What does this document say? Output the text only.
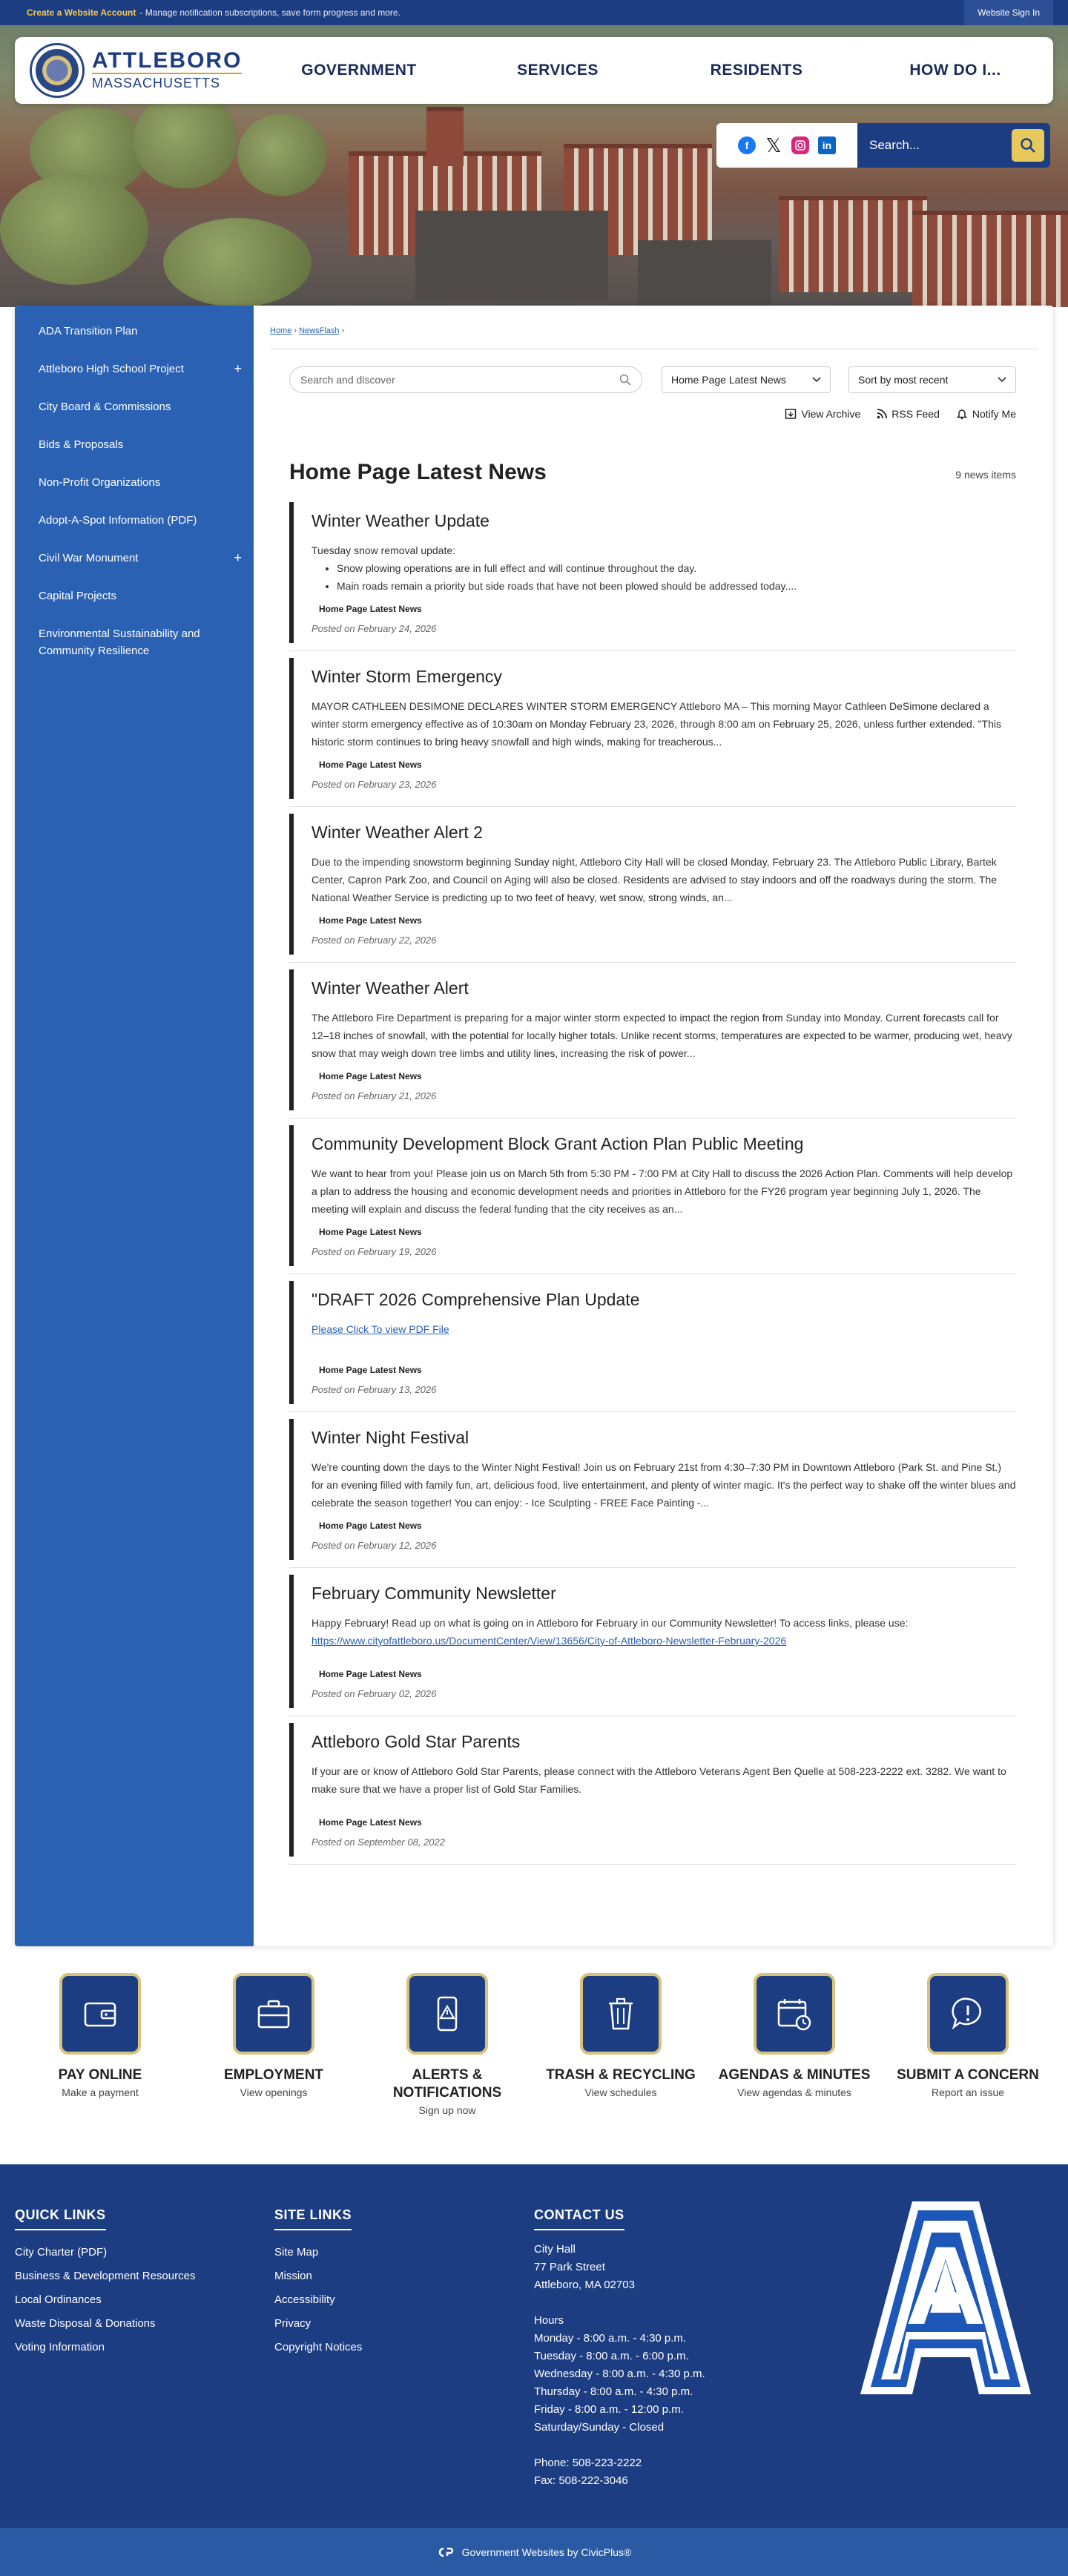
Create a Website Account - Manage notification subscriptions, save form progress and more.	Website Sign In
ATTLEBORO
MASSACHUSETTS
GOVERNMENT	SERVICES	RESIDENTS	HOW DO I...
f 𝕏	in	Search...
ADA Transition Plan
Attleboro High School Project	+
City Board & Commissions
Bids & Proposals
Non-Profit Organizations
Adopt-A-Spot Information (PDF)
Civil War Monument	+
Capital Projects
Environmental Sustainability and Community Resilience
Home › NewsFlash ›
Search and discover	Home Page Latest News	Sort by most recent
View Archive	RSS Feed	Notify Me
Home Page Latest News	9 news items
Winter Weather Update
Tuesday snow removal update:
• Snow plowing operations are in full effect and will continue throughout the day.
• Main roads remain a priority but side roads that have not been plowed should be addressed today....
Home Page Latest News
Posted on February 24, 2026
Winter Storm Emergency
MAYOR CATHLEEN DESIMONE DECLARES WINTER STORM EMERGENCY Attleboro MA – This morning Mayor Cathleen DeSimone declared a winter storm emergency effective as of 10:30am on Monday February 23, 2026, through 8:00 am on February 25, 2026, unless further extended. "This historic storm continues to bring heavy snowfall and high winds, making for treacherous...
Home Page Latest News
Posted on February 23, 2026
Winter Weather Alert 2
Due to the impending snowstorm beginning Sunday night, Attleboro City Hall will be closed Monday, February 23. The Attleboro Public Library, Bartek Center, Capron Park Zoo, and Council on Aging will also be closed. Residents are advised to stay indoors and off the roadways during the storm. The National Weather Service is predicting up to two feet of heavy, wet snow, strong winds, an...
Home Page Latest News
Posted on February 22, 2026
Winter Weather Alert
The Attleboro Fire Department is preparing for a major winter storm expected to impact the region from Sunday into Monday. Current forecasts call for 12–18 inches of snowfall, with the potential for locally higher totals. Unlike recent storms, temperatures are expected to be warmer, producing wet, heavy snow that may weigh down tree limbs and utility lines, increasing the risk of power...
Home Page Latest News
Posted on February 21, 2026
Community Development Block Grant Action Plan Public Meeting
We want to hear from you! Please join us on March 5th from 5:30 PM - 7:00 PM at City Hall to discuss the 2026 Action Plan. Comments will help develop a plan to address the housing and economic development needs and priorities in Attleboro for the FY26 program year beginning July 1, 2026. The meeting will explain and discuss the federal funding that the city receives as an...
Home Page Latest News
Posted on February 19, 2026
"DRAFT 2026 Comprehensive Plan Update
Please Click To view PDF File
Home Page Latest News
Posted on February 13, 2026
Winter Night Festival
We're counting down the days to the Winter Night Festival! Join us on February 21st from 4:30–7:30 PM in Downtown Attleboro (Park St. and Pine St.) for an evening filled with family fun, art, delicious food, live entertainment, and plenty of winter magic. It's the perfect way to shake off the winter blues and celebrate the season together! You can enjoy: - Ice Sculpting - FREE Face Painting -...
Home Page Latest News
Posted on February 12, 2026
February Community Newsletter
Happy February! Read up on what is going on in Attleboro for February in our Community Newsletter! To access links, please use: https://www.cityofattleboro.us/DocumentCenter/View/13656/City-of-Attleboro-Newsletter-February-2026
Home Page Latest News
Posted on February 02, 2026
Attleboro Gold Star Parents
If your are or know of Attleboro Gold Star Parents, please connect with the Attleboro Veterans Agent Ben Quelle at 508-223-2222 ext. 3282. We want to make sure that we have a proper list of Gold Star Families.
Home Page Latest News
Posted on September 08, 2022
PAY ONLINE
Make a payment
EMPLOYMENT
View openings
ALERTS & NOTIFICATIONS
Sign up now
TRASH & RECYCLING
View schedules
AGENDAS & MINUTES
View agendas & minutes
SUBMIT A CONCERN
Report an issue
QUICK LINKS
City Charter (PDF)
Business & Development Resources
Local Ordinances
Waste Disposal & Donations
Voting Information
SITE LINKS
Site Map
Mission
Accessibility
Privacy
Copyright Notices
CONTACT US
City Hall
77 Park Street
Attleboro, MA 02703
Hours
Monday - 8:00 a.m. - 4:30 p.m.
Tuesday - 8:00 a.m. - 6:00 p.m.
Wednesday - 8:00 a.m. - 4:30 p.m.
Thursday - 8:00 a.m. - 4:30 p.m.
Friday - 8:00 a.m. - 12:00 p.m.
Saturday/Sunday - Closed
Phone: 508-223-2222
Fax: 508-222-3046
A
Government Websites by CivicPlus®
